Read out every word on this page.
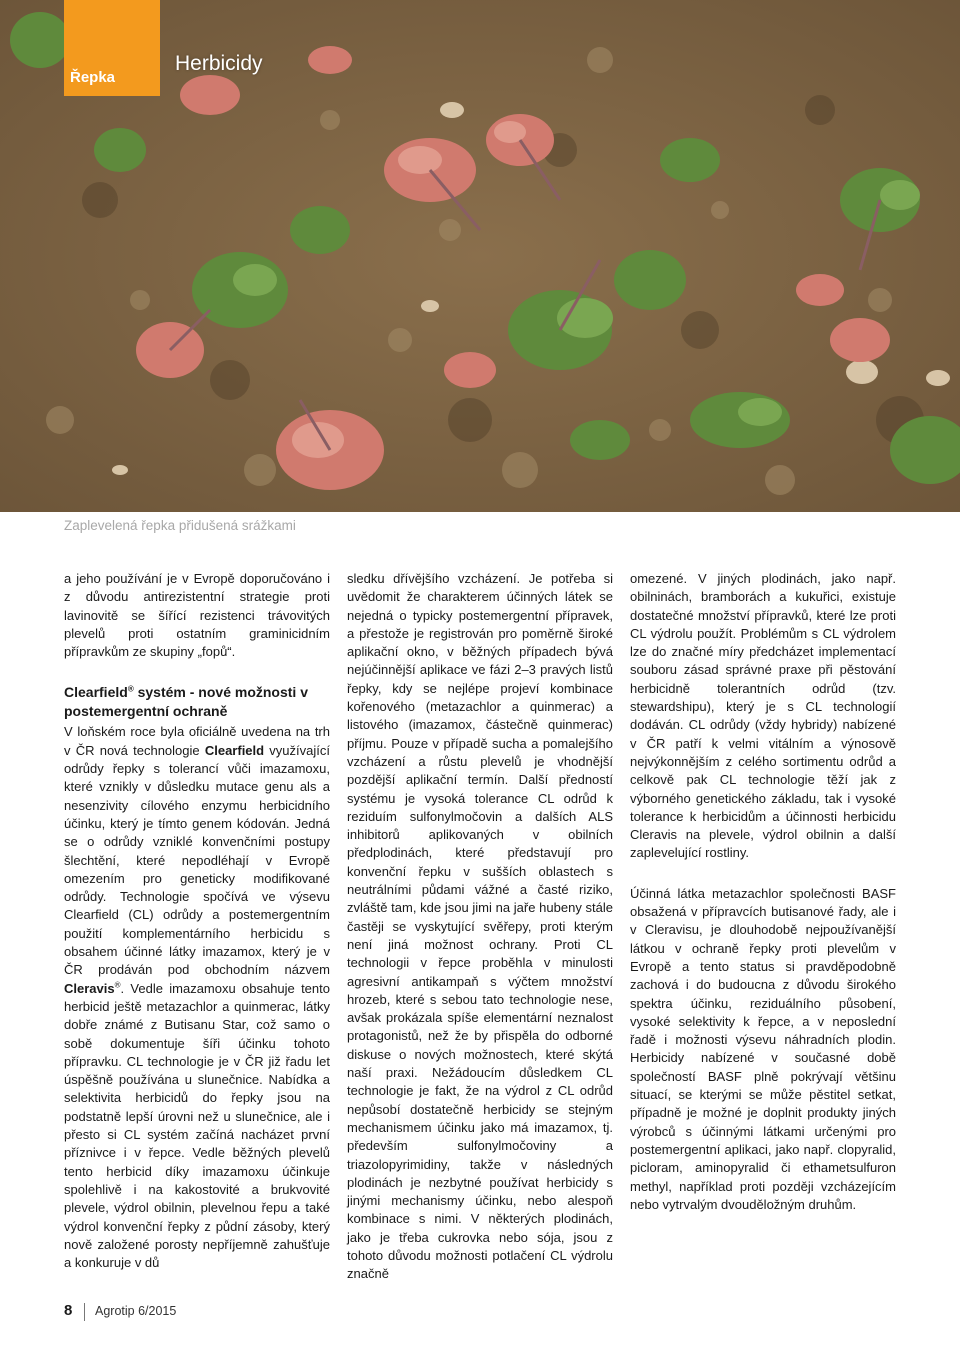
Řepka
Herbicidy
Zaplevelená řepka přidušená srážkami

a jeho používání je v Evropě doporučováno i z důvodu antirezistentní strategie proti lavinovitě se šířící rezistenci trávovitých plevelů proti ostatním graminicidním přípravkům ze skupiny „fopů“.

Clearfield® systém - nové možnosti v postemergentní ochraně

V loňském roce byla oficiálně uvedena na trh v ČR nová technologie Clearfield využívající odrůdy řepky s tolerancí vůči imazamoxu, které vznikly v důsledku mutace genu als a nesenzivity cílového enzymu herbicidního účinku, který je tímto genem kódován. Jedná se o odrůdy vzniklé konvenčními postupy šlechtění, které nepodléhají v Evropě omezením pro geneticky modifikované odrůdy. Technologie spočívá ve výsevu Clearfield (CL) odrůdy a postemergentním použití komplementárního herbicidu s obsahem účinné látky imazamox, který je v ČR prodáván pod obchodním názvem Cleravis®. Vedle imazamoxu obsahuje tento herbicid ještě metazachlor a quinmerac, látky dobře známé z Butisanu Star, což samo o sobě dokumentuje šíři účinku tohoto přípravku. CL technologie je v ČR již řadu let úspěšně používána u slunečnice. Nabídka a selektivita herbicidů do řepky jsou na podstatně lepší úrovni než u slunečnice, ale i přesto si CL systém začíná nacházet první příznivce i v řepce. Vedle běžných plevelů tento herbicid díky imazamoxu účinkuje spolehlivě i na kakostovité a brukvovité plevele, výdrol obilnin, plevelnou řepu a také výdrol konvenční řepky z půdní zásoby, který nově založené porosty nepříjemně zahušťuje a konkuruje v dů

sledku dřívějšího vzcházení. Je potřeba si uvědomit že charakterem účinných látek se nejedná o typicky postemergentní přípravek, a přestože je registrován pro poměrně široké aplikační okno, v běžných případech bývá nejúčinnější aplikace ve fázi 2–3 pravých listů řepky, kdy se nejlépe projeví kombinace kořenového (metazachlor a quinmerac) a listového (imazamox, částečně quinmerac) příjmu. Pouze v případě sucha a pomalejšího vzcházení a růstu plevelů je vhodnější pozdější aplikační termín. Další předností systému je vysoká tolerance CL odrůd k reziduím sulfonylmočovin a dalších ALS inhibitorů aplikovaných v obilních předplodinách, které představují pro konvenční řepku v sušších oblastech s neutrálními půdami vážné a časté riziko, zvláště tam, kde jsou jimi na jaře hubeny stále častěji se vyskytující svěřepy, proti kterým není jiná možnost ochrany. Proti CL technologii v řepce proběhla v minulosti agresivní antikampaň s výčtem množství hrozeb, které s sebou tato technologie nese, avšak prokázala spíše elementární neznalost protagonistů, než že by přispěla do odborné diskuse o nových možnostech, které skýtá naší praxi. Nežádoucím důsledkem CL technologie je fakt, že na výdrol z CL odrůd nepůsobí dostatečně herbicidy se stejným mechanismem účinku jako má imazamox, tj. především sulfonylmočoviny a triazolopyrimidiny, takže v následných plodinách je nezbytné používat herbicidy s jinými mechanismy účinku, nebo alespoň kombinace s nimi. V některých plodinách, jako je třeba cukrovka nebo sója, jsou z tohoto důvodu možnosti potlačení CL výdrolu značně

omezené. V jiných plodinách, jako např. obilninách, bramborách a kukuřici, existuje dostatečné množství přípravků, které lze proti CL výdrolu použít. Problémům s CL výdrolem lze do značné míry předcházet implementací souboru zásad správné praxe při pěstování herbicidně tolerantních odrůd (tzv. stewardshipu), který je s CL technologií dodáván. CL odrůdy (vždy hybridy) nabízené v ČR patří k velmi vitálním a výnosově nejvýkonnějším z celého sortimentu odrůd a celkově pak CL technologie těží jak z výborného genetického základu, tak i vysoké tolerance k herbicidům a účinnosti herbicidu Cleravis na plevele, výdrol obilnin a další zaplevelující rostliny.

Účinná látka metazachlor společnosti BASF obsažená v přípravcích butisanové řady, ale i v Cleravisu, je dlouhodobě nejpoužívanější látkou v ochraně řepky proti plevelům v Evropě a tento status si pravděpodobně zachová i do budoucna z důvodu širokého spektra účinku, reziduálního působení, vysoké selektivity k řepce, a v neposlední řadě i možnosti výsevu náhradních plodin. Herbicidy nabízené v současné době společností BASF plně pokrývají většinu situací, se kterými se může pěstitel setkat, případně je možné je doplnit produkty jiných výrobců s účinnými látkami určenými pro postemergentní aplikaci, jako např. clopyralid, picloram, aminopyralid či ethametsulfuron methyl, například proti později vzcházejícím nebo vytrvalým dvouděložným druhům.

8 Agrotip 6/2015
